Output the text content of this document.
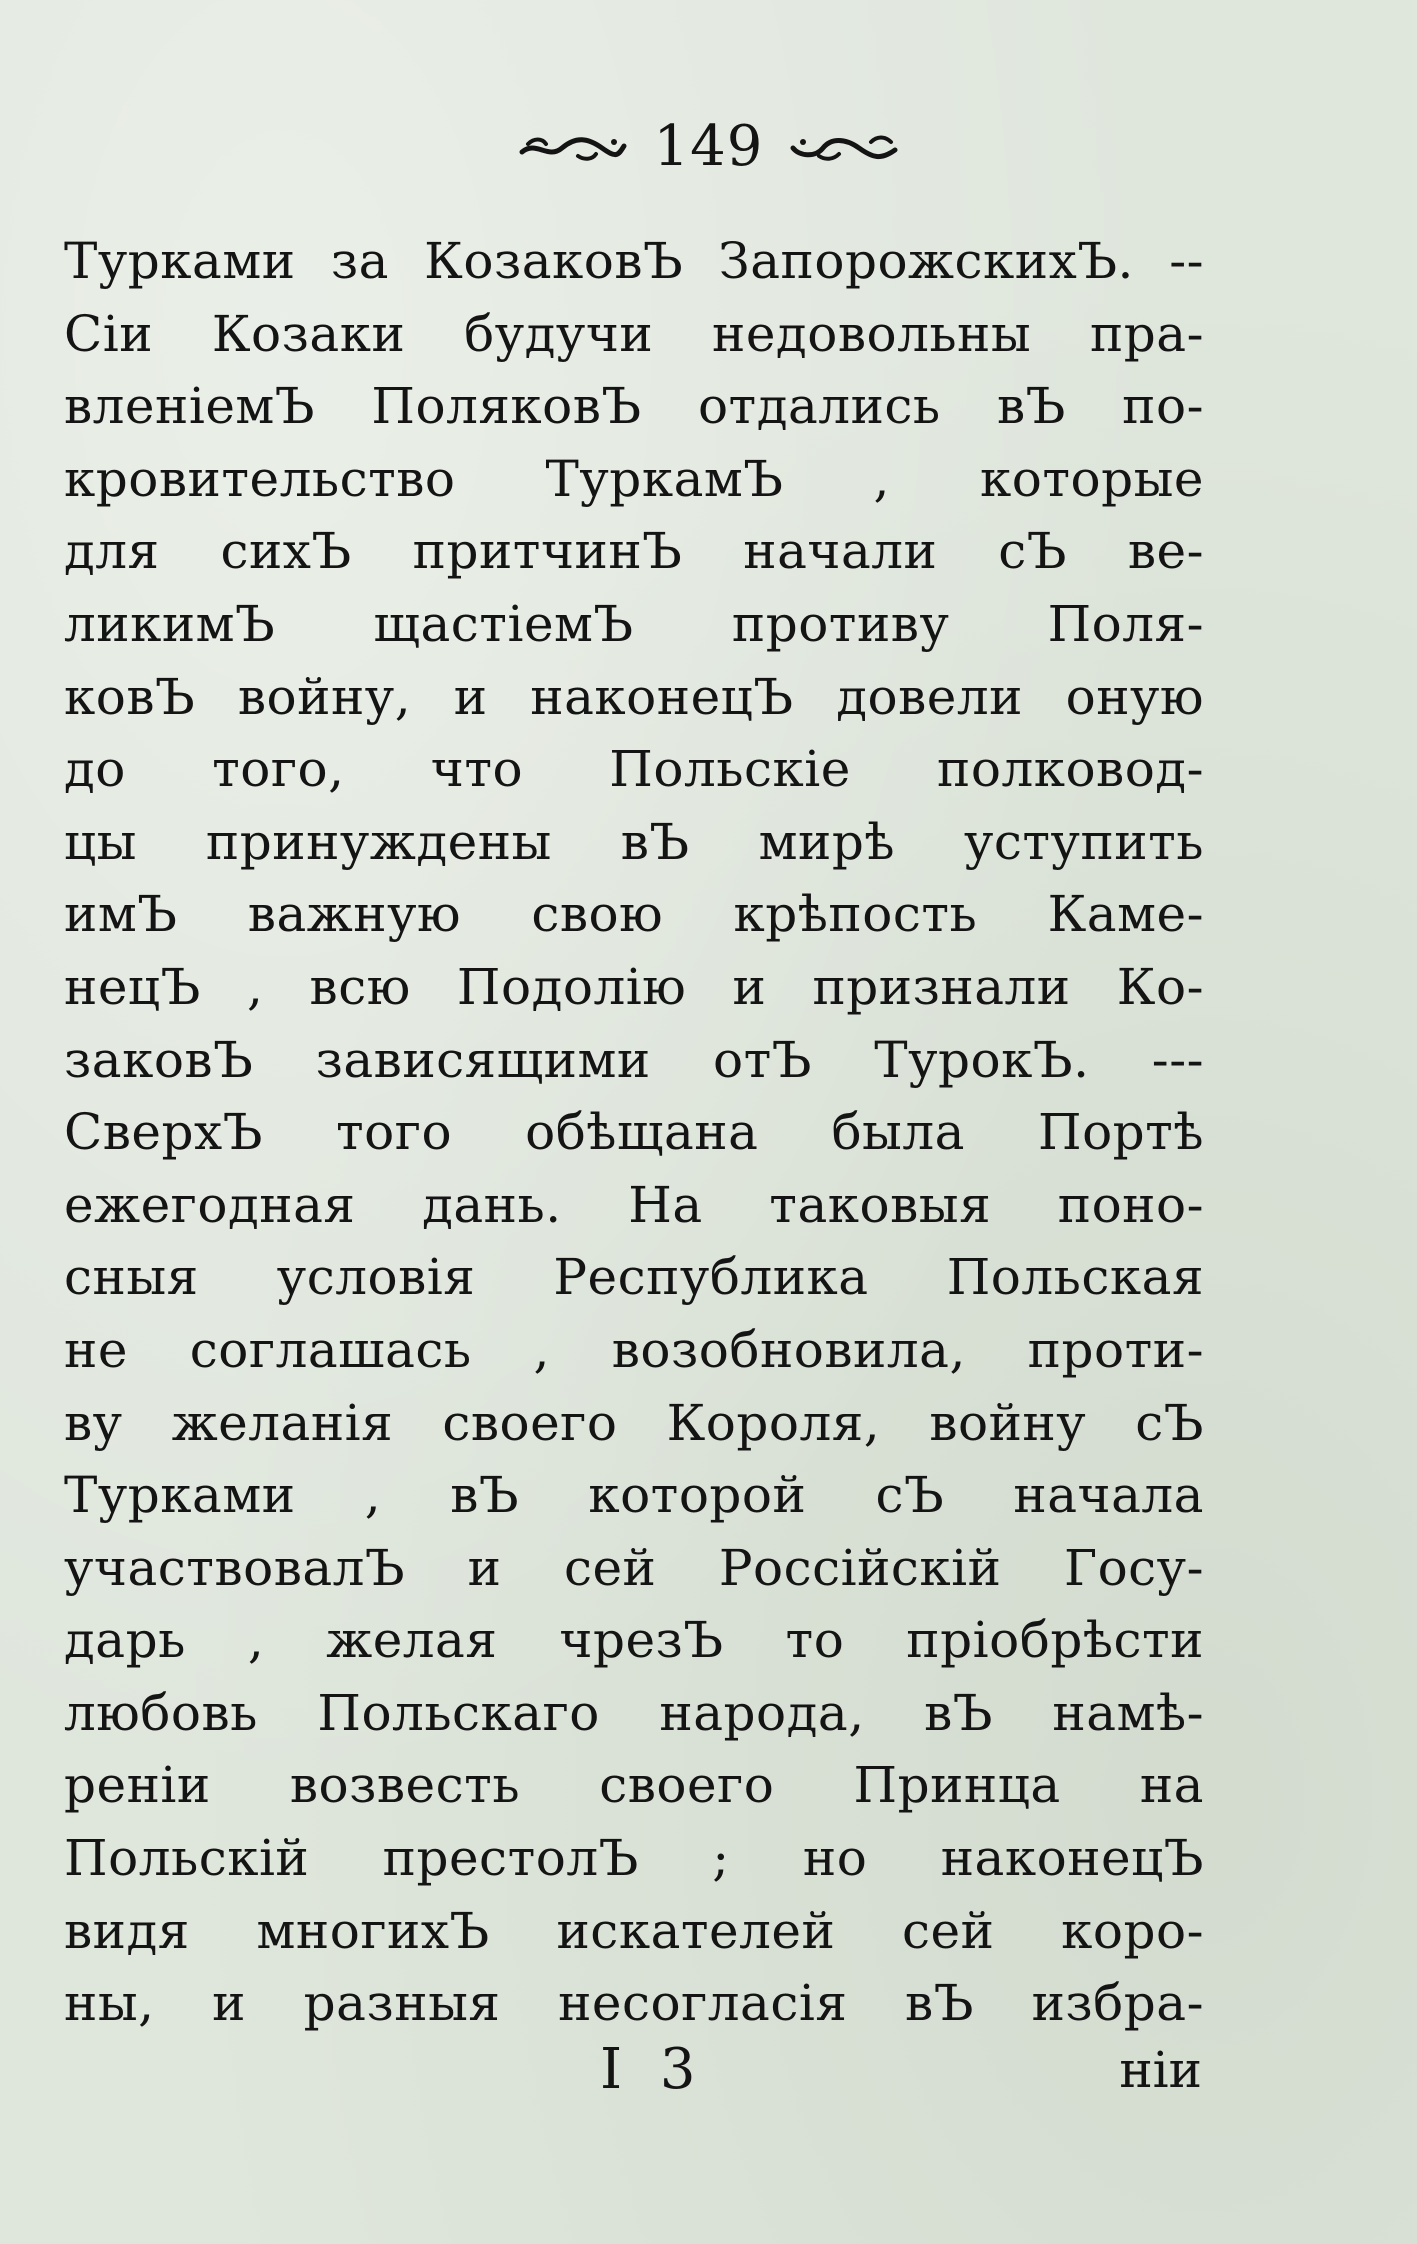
149
Турками за КозаковЪ ЗапорожскихЪ. --
Сіи Козаки будучи недовольны пра-
вленіемЪ ПоляковЪ отдались вЪ по-
кровительство ТуркамЪ , которые
для сихЪ притчинЪ начали сЪ ве-
ликимЪ щастіемЪ противу Поля-
ковЪ войну, и наконецЪ довели оную
до того, что Польскіе полковод-
цы принуждены вЪ мирѣ уступить
имЪ важную свою крѣпость Каме-
нецЪ , всю Подолію и признали Ко-
заковЪ зависящими отЪ ТурокЪ. ---
СверхЪ того обѣщана была Портѣ
ежегодная дань. На таковыя поно-
сныя условія Республика Польская
не соглашась , возобновила, проти-
ву желанія своего Короля, войну сЪ
Турками , вЪ которой сЪ начала
участвовалЪ и сей Россійскій Госу-
дарь , желая чрезЪ то пріобрѣсти
любовь Польскаго народа, вЪ намѣ-
реніи возвесть своего Принца на
Польскій престолЪ ; но наконецЪ
видя многихЪ искателей сей коро-
ны, и разныя несогласія вЪ избра-
I 3	ніи
